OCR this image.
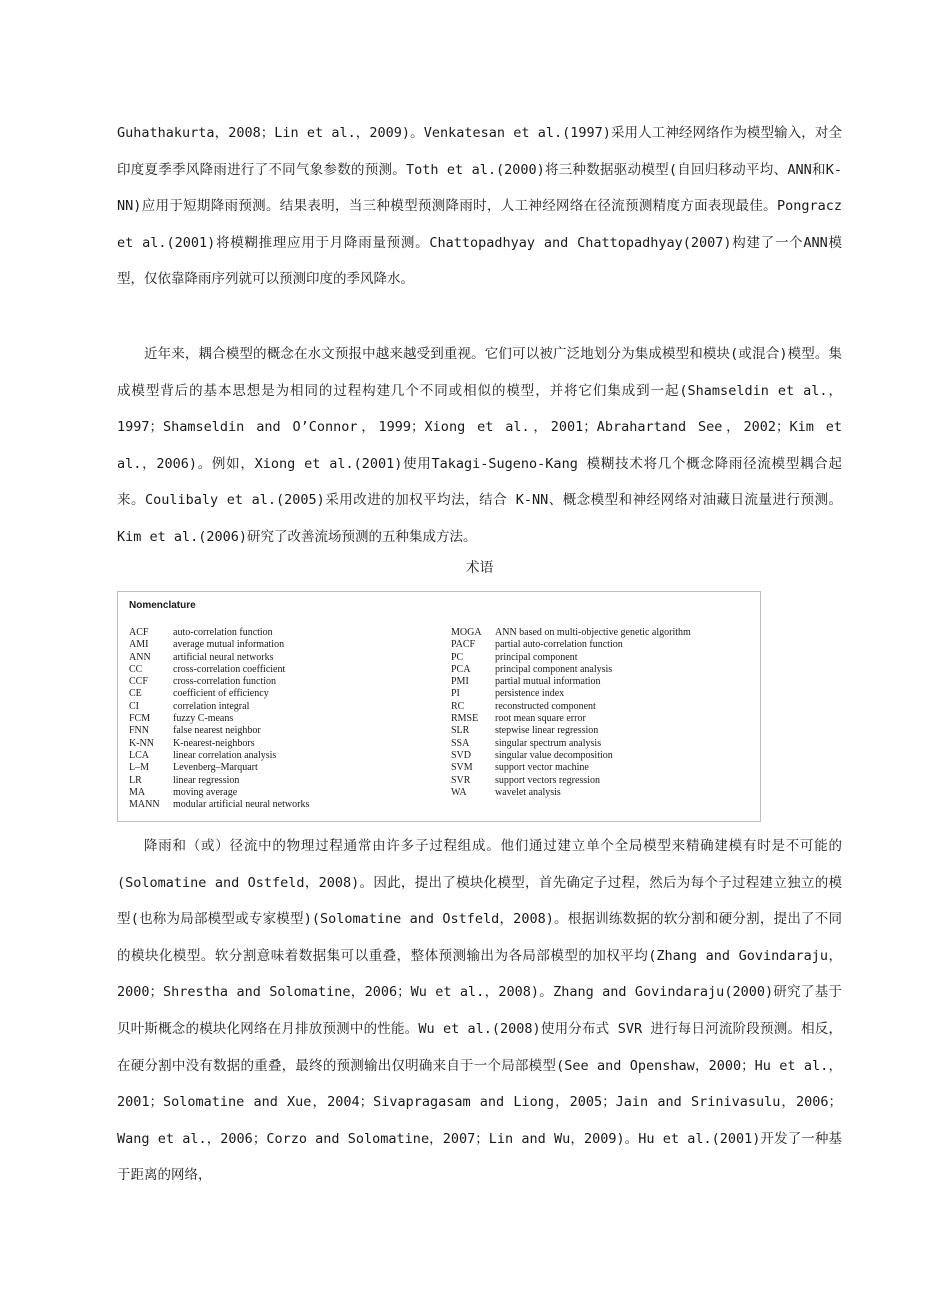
Guhathakurta，2008；Lin et al.，2009)。Venkatesan et al.(1997)采用人工神经网络作为模型输入，对全印度夏季季风降雨进行了不同气象参数的预测。Toth et al.(2000)将三种数据驱动模型(自回归移动平均、ANN和K-NN)应用于短期降雨预测。结果表明，当三种模型预测降雨时，人工神经网络在径流预测精度方面表现最佳。Pongracz et al.(2001)将模糊推理应用于月降雨量预测。Chattopadhyay and Chattopadhyay(2007)构建了一个ANN模型，仅依靠降雨序列就可以预测印度的季风降水。

近年来，耦合模型的概念在水文预报中越来越受到重视。它们可以被广泛地划分为集成模型和模块(或混合)模型。集成模型背后的基本思想是为相同的过程构建几个不同或相似的模型，并将它们集成到一起(Shamseldin et al.，1997；Shamseldin and O’Connor，1999；Xiong et al.，2001；Abrahartand See，2002；Kim et al.，2006)。例如，Xiong et al.(2001)使用Takagi-Sugeno-Kang 模糊技术将几个概念降雨径流模型耦合起来。Coulibaly et al.(2005)采用改进的加权平均法，结合 K-NN、概念模型和神经网络对油藏日流量进行预测。Kim et al.(2006)研究了改善流场预测的五种集成方法。

术语
Nomenclature
ACF auto-correlation function
AMI average mutual information
ANN artificial neural networks
CC	cross-correlation coefficient
CCF	cross-correlation function
CE	coefficient of efficiency
CI	correlation integral
FCM fuzzy C-means
FNN false nearest neighbor
K-NN K-nearest-neighbors
LCA linear correlation analysis
L–M Levenberg–Marquart
LR	linear regression
MA	moving average
MANN modular artificial neural networks
MOGA ANN based on multi-objective genetic algorithm
PACF partial auto-correlation function
PC	principal component
PCA principal component analysis
PMI	partial mutual information
PI	persistence index
RC	reconstructed component
RMSE root mean square error
SLR	stepwise linear regression
SSA	singular spectrum analysis
SVD singular value decomposition
SVM support vector machine
SVR support vectors regression
WA	wavelet analysis

降雨和（或）径流中的物理过程通常由许多子过程组成。他们通过建立单个全局模型来精确建模有时是不可能的(Solomatine and Ostfeld，2008)。因此，提出了模块化模型，首先确定子过程，然后为每个子过程建立独立的模型(也称为局部模型或专家模型)(Solomatine and Ostfeld，2008)。根据训练数据的软分割和硬分割，提出了不同的模块化模型。软分割意味着数据集可以重叠，整体预测输出为各局部模型的加权平均(Zhang and Govindaraju，2000；Shrestha and Solomatine，2006；Wu et al.，2008)。Zhang and Govindaraju(2000)研究了基于贝叶斯概念的模块化网络在月排放预测中的性能。Wu et al.(2008)使用分布式 SVR 进行每日河流阶段预测。相反，在硬分割中没有数据的重叠，最终的预测输出仅明确来自于一个局部模型(See and Openshaw，2000；Hu et al.，2001；Solomatine and Xue，2004；Sivapragasam and Liong，2005；Jain and Srinivasulu，2006；Wang et al.，2006；Corzo and Solomatine，2007；Lin and Wu，2009)。Hu et al.(2001)开发了一种基于距离的网络，
